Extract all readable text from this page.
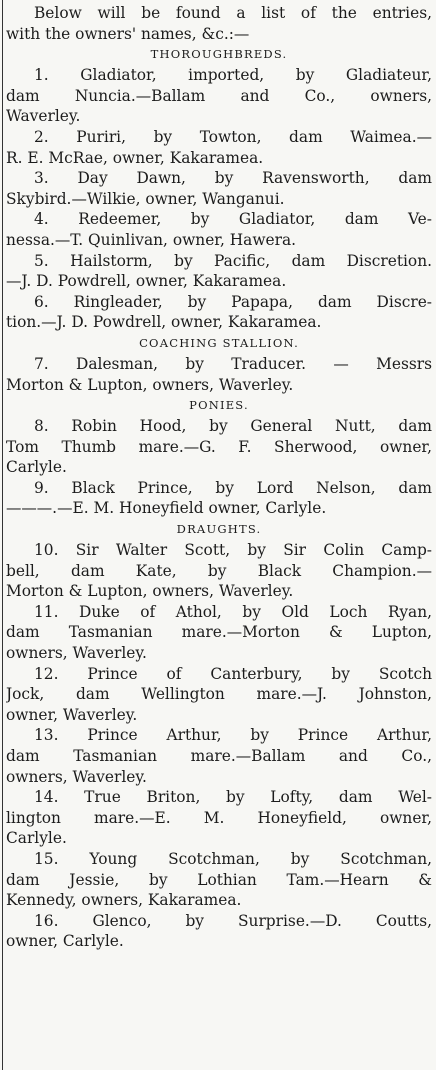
Below will be found a list of the entries,
with the owners' names, &c.:—
THOROUGHBREDS.
1. Gladiator, imported, by Gladiateur,
dam Nuncia.—Ballam and Co., owners,
Waverley.
2. Puriri, by Towton, dam Waimea.—
R. E. McRae, owner, Kakaramea.
3. Day Dawn, by Ravensworth, dam
Skybird.—Wilkie, owner, Wanganui.
4. Redeemer, by Gladiator, dam Ve-
nessa.—T. Quinlivan, owner, Hawera.
5. Hailstorm, by Pacific, dam Discretion.
—J. D. Powdrell, owner, Kakaramea.
6. Ringleader, by Papapa, dam Discre-
tion.—J. D. Powdrell, owner, Kakaramea.
COACHING STALLION.
7. Dalesman, by Traducer. — Messrs
Morton & Lupton, owners, Waverley.
PONIES.
8. Robin Hood, by General Nutt, dam
Tom Thumb mare.—G. F. Sherwood, owner,
Carlyle.
9. Black Prince, by Lord Nelson, dam
———.—E. M. Honeyfield owner, Carlyle.
DRAUGHTS.
10. Sir Walter Scott, by Sir Colin Camp-
bell, dam Kate, by Black Champion.—
Morton & Lupton, owners, Waverley.
11. Duke of Athol, by Old Loch Ryan,
dam Tasmanian mare.—Morton & Lupton,
owners, Waverley.
12. Prince of Canterbury, by Scotch
Jock, dam Wellington mare.—J. Johnston,
owner, Waverley.
13. Prince Arthur, by Prince Arthur,
dam Tasmanian mare.—Ballam and Co.,
owners, Waverley.
14. True Briton, by Lofty, dam Wel-
lington mare.—E. M. Honeyfield, owner,
Carlyle.
15. Young Scotchman, by Scotchman,
dam Jessie, by Lothian Tam.—Hearn &
Kennedy, owners, Kakaramea.
16. Glenco, by Surprise.—D. Coutts,
owner, Carlyle.
